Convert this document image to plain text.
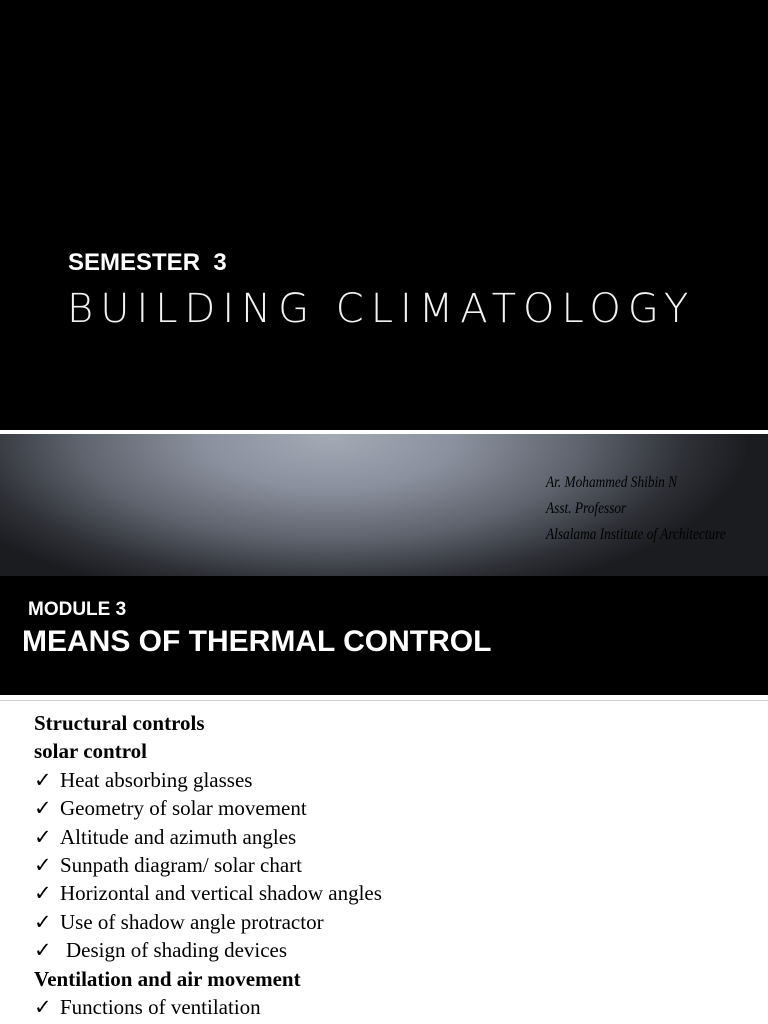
SEMESTER  3
BUILDING CLIMATOLOGY

Ar. Mohammed Shibin N
Asst. Professor
Alsalama Institute of Architecture

MODULE 3

MEANS OF THERMAL CONTROL
Structural controls
solar control
✓ Heat absorbing glasses
✓ Geometry of solar movement
✓ Altitude and azimuth angles
✓ Sunpath diagram/ solar chart
✓ Horizontal and vertical shadow angles
✓ Use of shadow angle protractor
✓ Design of shading devices
Ventilation and air movement
✓ Functions of ventilation
